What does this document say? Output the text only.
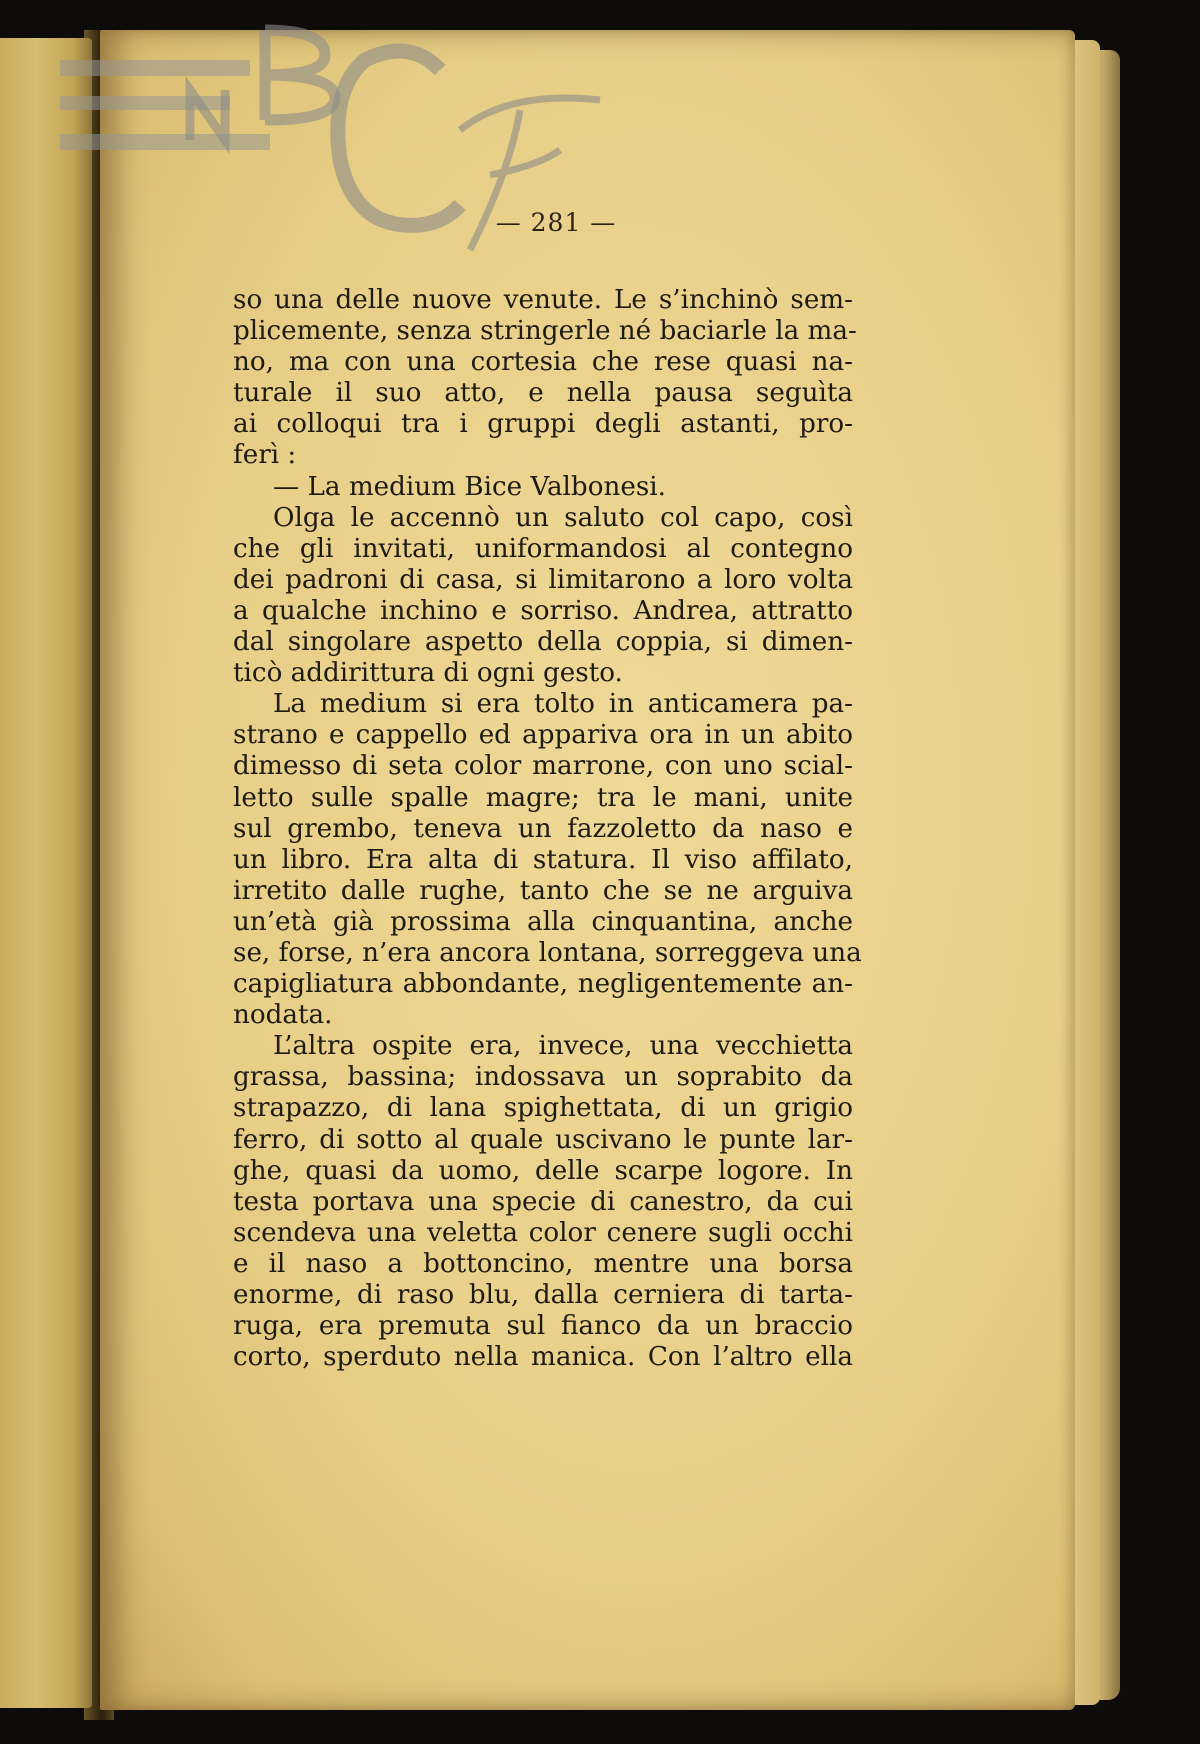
— 281 —
so una delle nuove venute. Le s’inchinò sem-
plicemente, senza stringerle né baciarle la ma-
no, ma con una cortesia che rese quasi na-
turale il suo atto, e nella pausa seguìta
ai colloqui tra i gruppi degli astanti, pro-
ferì :
— La medium Bice Valbonesi.
Olga le accennò un saluto col capo, così
che gli invitati, uniformandosi al contegno
dei padroni di casa, si limitarono a loro volta
a qualche inchino e sorriso. Andrea, attratto
dal singolare aspetto della coppia, si dimen-
ticò addirittura di ogni gesto.
La medium si era tolto in anticamera pa-
strano e cappello ed appariva ora in un abito
dimesso di seta color marrone, con uno scial-
letto sulle spalle magre; tra le mani, unite
sul grembo, teneva un fazzoletto da naso e
un libro. Era alta di statura. Il viso affilato,
irretito dalle rughe, tanto che se ne arguiva
un’età già prossima alla cinquantina, anche
se, forse, n’era ancora lontana, sorreggeva una
capigliatura abbondante, negligentemente an-
nodata.
L’altra ospite era, invece, una vecchietta
grassa, bassina; indossava un soprabito da
strapazzo, di lana spighettata, di un grigio
ferro, di sotto al quale uscivano le punte lar-
ghe, quasi da uomo, delle scarpe logore. In
testa portava una specie di canestro, da cui
scendeva una veletta color cenere sugli occhi
e il naso a bottoncino, mentre una borsa
enorme, di raso blu, dalla cerniera di tarta-
ruga, era premuta sul fianco da un braccio
corto, sperduto nella manica. Con l’altro ella
